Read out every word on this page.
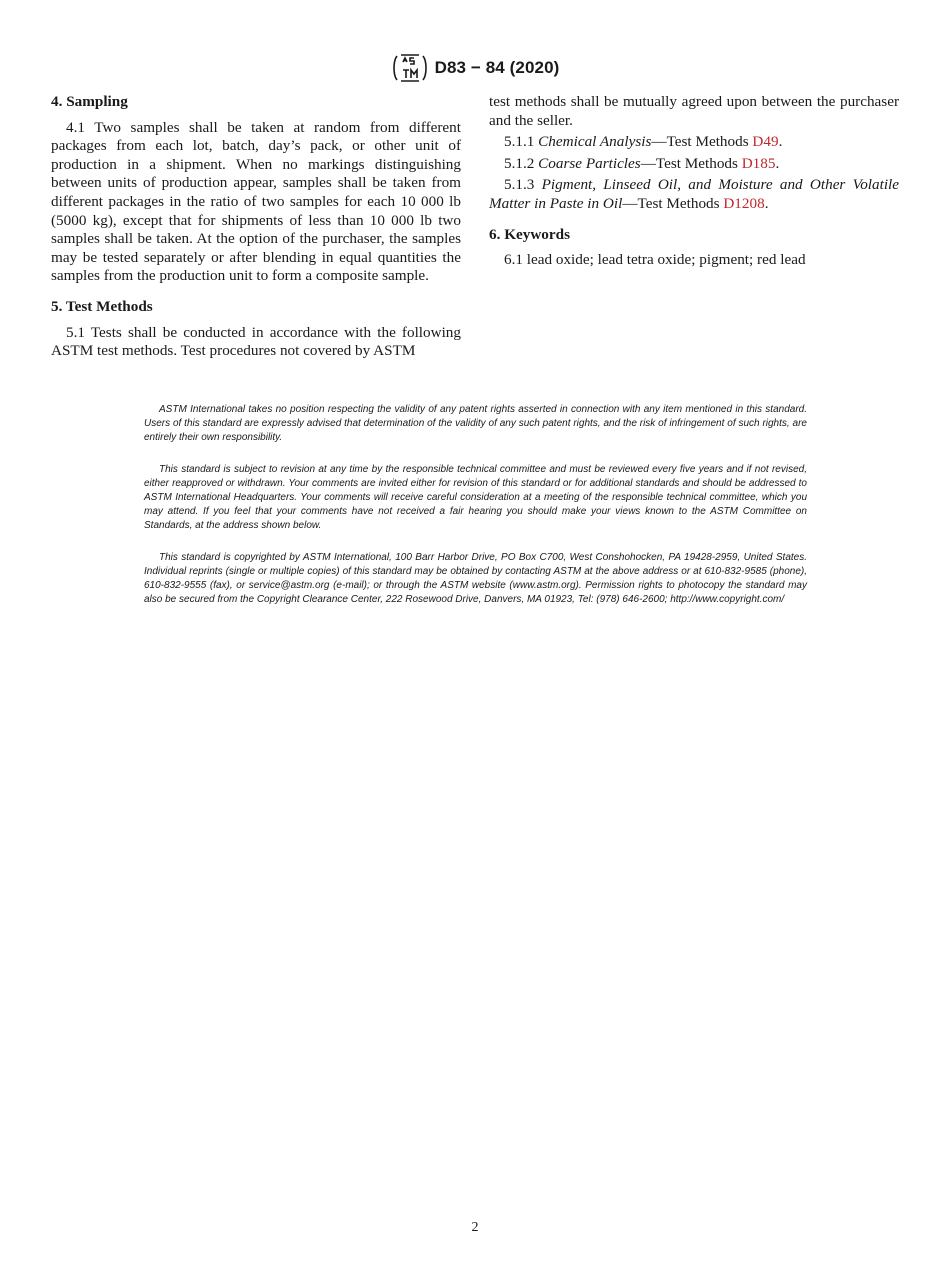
D83 − 84 (2020)
4. Sampling

4.1 Two samples shall be taken at random from different packages from each lot, batch, day’s pack, or other unit of production in a shipment. When no markings distinguishing between units of production appear, samples shall be taken from different packages in the ratio of two samples for each 10 000 lb (5000 kg), except that for shipments of less than 10 000 lb two samples shall be taken. At the option of the purchaser, the samples may be tested separately or after blending in equal quantities the samples from the production unit to form a composite sample.

5. Test Methods

5.1 Tests shall be conducted in accordance with the following ASTM test methods. Test procedures not covered by ASTM

test methods shall be mutually agreed upon between the purchaser and the seller.

5.1.1 Chemical Analysis—Test Methods D49.

5.1.2 Coarse Particles—Test Methods D185.

5.1.3 Pigment, Linseed Oil, and Moisture and Other Volatile Matter in Paste in Oil—Test Methods D1208.

6. Keywords

6.1 lead oxide; lead tetra oxide; pigment; red lead

ASTM International takes no position respecting the validity of any patent rights asserted in connection with any item mentioned in this standard. Users of this standard are expressly advised that determination of the validity of any such patent rights, and the risk of infringement of such rights, are entirely their own responsibility.

This standard is subject to revision at any time by the responsible technical committee and must be reviewed every five years and if not revised, either reapproved or withdrawn. Your comments are invited either for revision of this standard or for additional standards and should be addressed to ASTM International Headquarters. Your comments will receive careful consideration at a meeting of the responsible technical committee, which you may attend. If you feel that your comments have not received a fair hearing you should make your views known to the ASTM Committee on Standards, at the address shown below.

This standard is copyrighted by ASTM International, 100 Barr Harbor Drive, PO Box C700, West Conshohocken, PA 19428-2959, United States. Individual reprints (single or multiple copies) of this standard may be obtained by contacting ASTM at the above address or at 610-832-9585 (phone), 610-832-9555 (fax), or service@astm.org (e-mail); or through the ASTM website (www.astm.org). Permission rights to photocopy the standard may also be secured from the Copyright Clearance Center, 222 Rosewood Drive, Danvers, MA 01923, Tel: (978) 646-2600; http://www.copyright.com/

2
